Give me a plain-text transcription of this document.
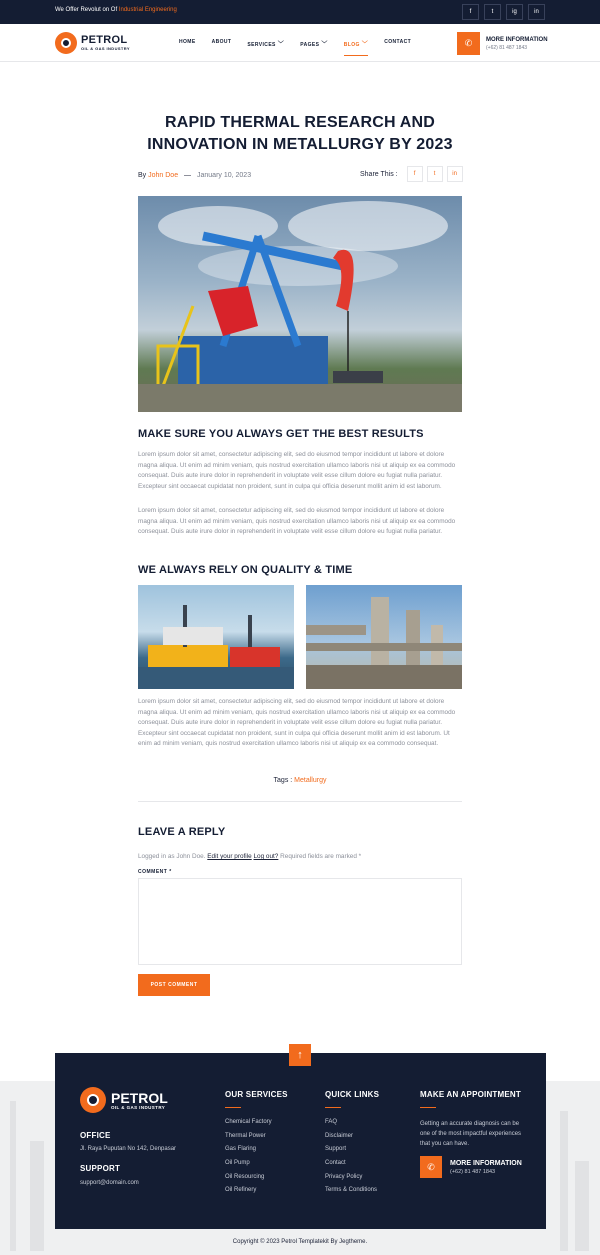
We Offer Revolut on Of Industrial Engineering	f	t	ig	in
PETROL
OIL & GAS INDUSTRY
HOME	ABOUT	SERVICES ﹀	PAGES ﹀	BLOG ﹀	CONTACT	✆	MORE INFORMATION
(+62) 81 487 1843
RAPID THERMAL RESEARCH AND INNOVATION IN METALLURGY BY 2023
By John Doe — January 10, 2023	Share This :	f	t	in
MAKE SURE YOU ALWAYS GET THE BEST RESULTS

Lorem ipsum dolor sit amet, consectetur adipiscing elit, sed do eiusmod tempor incididunt ut labore et dolore magna aliqua. Ut enim ad minim veniam, quis nostrud exercitation ullamco laboris nisi ut aliquip ex ea commodo consequat. Duis aute irure dolor in reprehenderit in voluptate velit esse cillum dolore eu fugiat nulla pariatur. Excepteur sint occaecat cupidatat non proident, sunt in culpa qui officia deserunt mollit anim id est laborum.

Lorem ipsum dolor sit amet, consectetur adipiscing elit, sed do eiusmod tempor incididunt ut labore et dolore magna aliqua. Ut enim ad minim veniam, quis nostrud exercitation ullamco laboris nisi ut aliquip ex ea commodo consequat. Duis aute irure dolor in reprehenderit in voluptate velit esse cillum dolore eu fugiat nulla pariatur.

WE ALWAYS RELY ON QUALITY & TIME

Lorem ipsum dolor sit amet, consectetur adipiscing elit, sed do eiusmod tempor incididunt ut labore et dolore magna aliqua. Ut enim ad minim veniam, quis nostrud exercitation ullamco laboris nisi ut aliquip ex ea commodo consequat. Duis aute irure dolor in reprehenderit in voluptate velit esse cillum dolore eu fugiat nulla pariatur. Excepteur sint occaecat cupidatat non proident, sunt in culpa qui officia deserunt mollit anim id est laborum. Ut enim ad minim veniam, quis nostrud exercitation ullamco laboris nisi ut aliquip ex ea commodo consequat.

Tags : Metallurgy
LEAVE A REPLY
Logged in as John Doe. Edit your profile Log out? Required fields are marked *
COMMENT *
POST COMMENT
↑
PETROL
OIL & GAS INDUSTRY
OFFICE
Jl. Raya Puputan No 142, Denpasar
SUPPORT
support@domain.com
OUR SERVICES
Chemical Factory
Thermal Power
Gas Flaring
Oil Pump
Oil Resourcing
Oil Refinery
QUICK LINKS
FAQ
Disclaimer
Support
Contact
Privacy Policy
Terms & Conditions
MAKE AN APPOINTMENT
Getting an accurate diagnosis can be one of the most impactful experiences that you can have.
✆	MORE INFORMATION
(+62) 81 487 1843
Copyright © 2023 Petrol Templatekit By Jegtheme.
